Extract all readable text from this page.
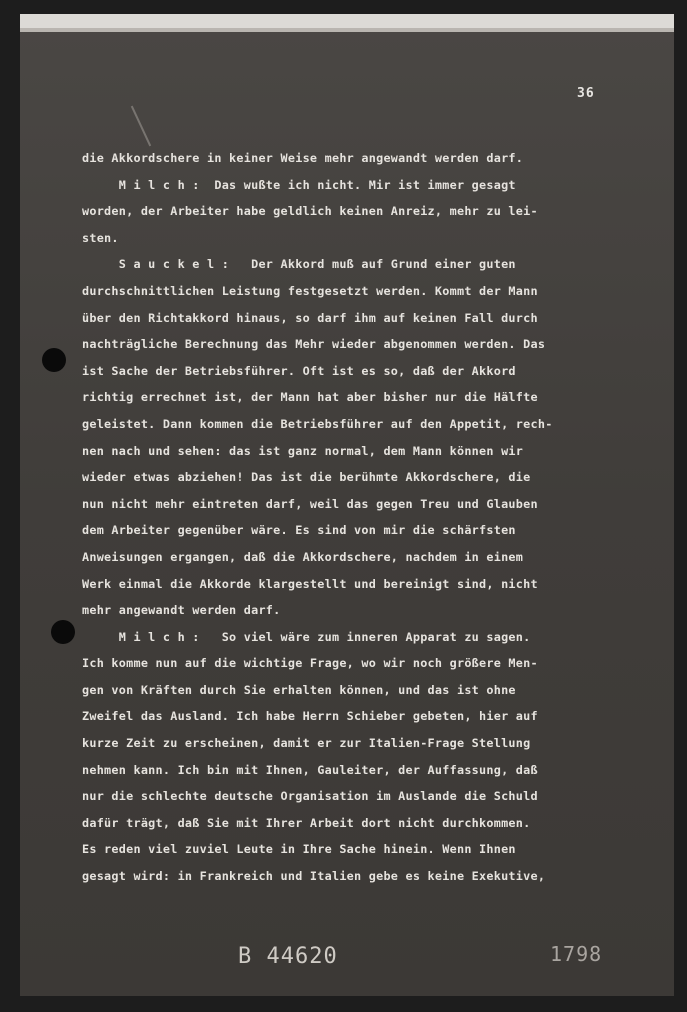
36
die Akkordschere in keiner Weise mehr angewandt werden darf.
M i l c h :  Das wußte ich nicht. Mir ist immer gesagt
worden, der Arbeiter habe geldlich keinen Anreiz, mehr zu lei-
sten.
S a u c k e l :   Der Akkord muß auf Grund einer guten
durchschnittlichen Leistung festgesetzt werden. Kommt der Mann
über den Richtakkord hinaus, so darf ihm auf keinen Fall durch
nachträgliche Berechnung das Mehr wieder abgenommen werden. Das
ist Sache der Betriebsführer. Oft ist es so, daß der Akkord
richtig errechnet ist, der Mann hat aber bisher nur die Hälfte
geleistet. Dann kommen die Betriebsführer auf den Appetit, rech-
nen nach und sehen: das ist ganz normal, dem Mann können wir
wieder etwas abziehen! Das ist die berühmte Akkordschere, die
nun nicht mehr eintreten darf, weil das gegen Treu und Glauben
dem Arbeiter gegenüber wäre. Es sind von mir die schärfsten
Anweisungen ergangen, daß die Akkordschere, nachdem in einem
Werk einmal die Akkorde klargestellt und bereinigt sind, nicht
mehr angewandt werden darf.
M i l c h :   So viel wäre zum inneren Apparat zu sagen.
Ich komme nun auf die wichtige Frage, wo wir noch größere Men-
gen von Kräften durch Sie erhalten können, und das ist ohne
Zweifel das Ausland. Ich habe Herrn Schieber gebeten, hier auf
kurze Zeit zu erscheinen, damit er zur Italien-Frage Stellung
nehmen kann. Ich bin mit Ihnen, Gauleiter, der Auffassung, daß
nur die schlechte deutsche Organisation im Auslande die Schuld
dafür trägt, daß Sie mit Ihrer Arbeit dort nicht durchkommen.
Es reden viel zuviel Leute in Ihre Sache hinein. Wenn Ihnen
gesagt wird: in Frankreich und Italien gebe es keine Exekutive,
B 44620	1798
